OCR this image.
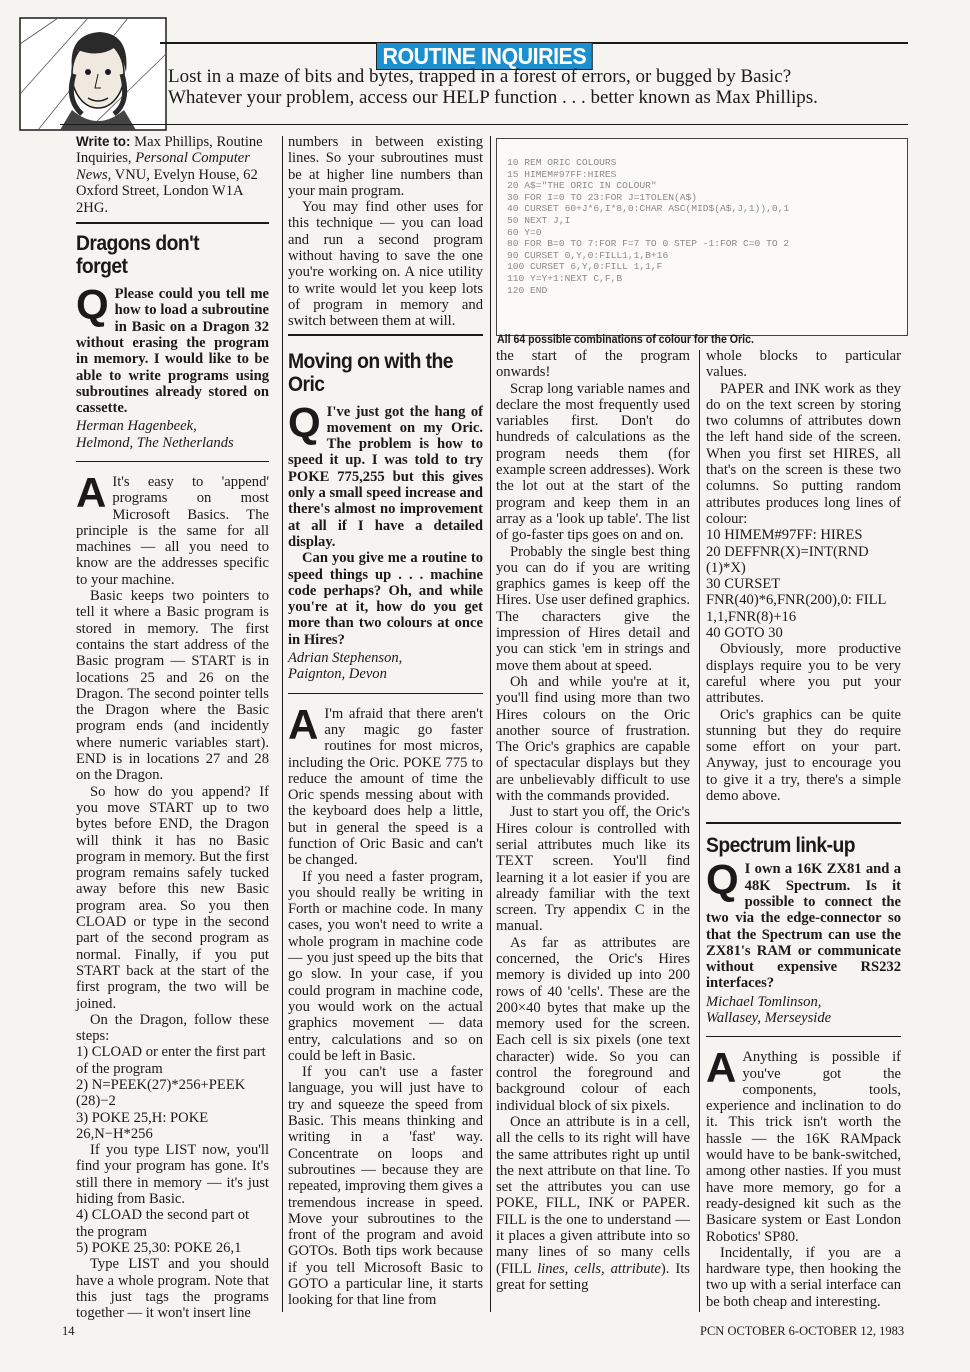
ROUTINE INQUIRIES
Lost in a maze of bits and bytes, trapped in a forest of errors, or bugged by Basic?
Whatever your problem, access our HELP function . . . better known as Max Phillips.
Write to: Max Phillips, Routine Inquiries, Personal Computer News, VNU, Evelyn House, 62 Oxford Street, London W1A 2HG.
Dragons don't forget
Q Please could you tell me how to load a subroutine in Basic on a Dragon 32 without erasing the program in memory. I would like to be able to write programs using subroutines already stored on cassette.

Herman Hagenbeek,
Helmond, The Netherlands
A It's easy to 'append' programs on most Microsoft Basics. The principle is the same for all machines — all you need to know are the addresses specific to your machine.

Basic keeps two pointers to tell it where a Basic program is stored in memory. The first contains the start address of the Basic program — START is in locations 25 and 26 on the Dragon. The second pointer tells the Dragon where the Basic program ends (and incidently where numeric variables start). END is in locations 27 and 28 on the Dragon.

So how do you append? If you move START up to two bytes before END, the Dragon will think it has no Basic program in memory. But the first program remains safely tucked away before this new Basic program area. So you then CLOAD or type in the second part of the second program as normal. Finally, if you put START back at the start of the first program, the two will be joined.

On the Dragon, follow these steps:

1) CLOAD or enter the first part of the program
2) N=PEEK(27)*256+PEEK (28)−2
3) POKE 25,H: POKE 26,N−H*256

If you type LIST now, you'll find your program has gone. It's still there in memory — it's just hiding from Basic.

4) CLOAD the second part ot the program
5) POKE 25,30: POKE 26,1

Type LIST and you should have a whole program. Note that this just tags the programs together — it won't insert line

numbers in between existing lines. So your subroutines must be at higher line numbers than your main program.

You may find other uses for this technique — you can load and run a second program without having to save the one you're working on. A nice utility to write would let you keep lots of program in memory and switch between them at will.

Moving on with the Oric
Q I've just got the hang of movement on my Oric. The problem is how to speed it up. I was told to try POKE 775,255 but this gives only a small speed increase and there's almost no improvement at all if I have a detailed display.

Can you give me a routine to speed things up . . . machine code perhaps? Oh, and while you're at it, how do you get more than two colours at once in Hires?

Adrian Stephenson,
Paignton, Devon
A I'm afraid that there aren't any magic go faster routines for most micros, including the Oric. POKE 775 to reduce the amount of time the Oric spends messing about with the keyboard does help a little, but in general the speed is a function of Oric Basic and can't be changed.

If you need a faster program, you should really be writing in Forth or machine code. In many cases, you won't need to write a whole program in machine code — you just speed up the bits that go slow. In your case, if you could program in machine code, you would work on the actual graphics movement — data entry, calculations and so on could be left in Basic.

If you can't use a faster language, you will just have to try and squeeze the speed from Basic. This means thinking and writing in a 'fast' way. Concentrate on loops and subroutines — because they are repeated, improving them gives a tremendous increase in speed. Move your subroutines to the front of the program and avoid GOTOs. Both tips work because if you tell Microsoft Basic to GOTO a particular line, it starts looking for that line from

10 REM ORIC COLOURS
15 HIMEM#97FF:HIRES
20 A$="THE ORIC IN COLOUR"
30 FOR I=0 TO 23:FOR J=1TOLEN(A$)
40 CURSET 60+J*6,I*8,0:CHAR ASC(MID$(A$,J,1)),0,1
50 NEXT J,I
60 Y=0
80 FOR B=0 TO 7:FOR F=7 TO 0 STEP -1:FOR C=0 TO 2
90 CURSET 0,Y,0:FILL1,1,B+16
100 CURSET 6,Y,0:FILL 1,1,F
110 Y=Y+1:NEXT C,F,B
120 END
All 64 possible combinations of colour for the Oric.

the start of the program onwards!

Scrap long variable names and declare the most frequently used variables first. Don't do hundreds of calculations as the program needs them (for example screen addresses). Work the lot out at the start of the program and keep them in an array as a 'look up table'. The list of go-faster tips goes on and on.

Probably the single best thing you can do if you are writing graphics games is keep off the Hires. Use user defined graphics. The characters give the impression of Hires detail and you can stick 'em in strings and move them about at speed.

Oh and while you're at it, you'll find using more than two Hires colours on the Oric another source of frustration. The Oric's graphics are capable of spectacular displays but they are unbelievably difficult to use with the commands provided.

Just to start you off, the Oric's Hires colour is controlled with serial attributes much like its TEXT screen. You'll find learning it a lot easier if you are already familiar with the text screen. Try appendix C in the manual.

As far as attributes are concerned, the Oric's Hires memory is divided up into 200 rows of 40 'cells'. These are the 200×40 bytes that make up the memory used for the screen. Each cell is six pixels (one text character) wide. So you can control the foreground and background colour of each individual block of six pixels.

Once an attribute is in a cell, all the cells to its right will have the same attributes right up until the next attribute on that line. To set the attributes you can use POKE, FILL, INK or PAPER. FILL is the one to understand — it places a given attribute into so many lines of so many cells (FILL lines, cells, attribute). Its great for setting

whole blocks to particular values.

PAPER and INK work as they do on the text screen by storing two columns of attributes down the left hand side of the screen. When you first set HIRES, all that's on the screen is these two columns. So putting random attributes produces long lines of colour:

10 HIMEM#97FF: HIRES
20 DEFFNR(X)=INT(RND (1)*X)
30 CURSET FNR(40)*6,FNR(200),0: FILL 1,1,FNR(8)+16
40 GOTO 30

Obviously, more productive displays require you to be very careful where you put your attributes.

Oric's graphics can be quite stunning but they do require some effort on your part. Anyway, just to encourage you to give it a try, there's a simple demo above.

Spectrum link-up
Q I own a 16K ZX81 and a 48K Spectrum. Is it possible to connect the two via the edge-connector so that the Spectrum can use the ZX81's RAM or communicate without expensive RS232 interfaces?

Michael Tomlinson,
Wallasey, Merseyside
A Anything is possible if you've got the components, tools, experience and inclination to do it. This trick isn't worth the hassle — the 16K RAMpack would have to be bank-switched, among other nasties. If you must have more memory, go for a ready-designed kit such as the Basicare system or East London Robotics' SP80.

Incidentally, if you are a hardware type, then hooking the two up with a serial interface can be both cheap and interesting.

14	PCN OCTOBER 6-OCTOBER 12, 1983
